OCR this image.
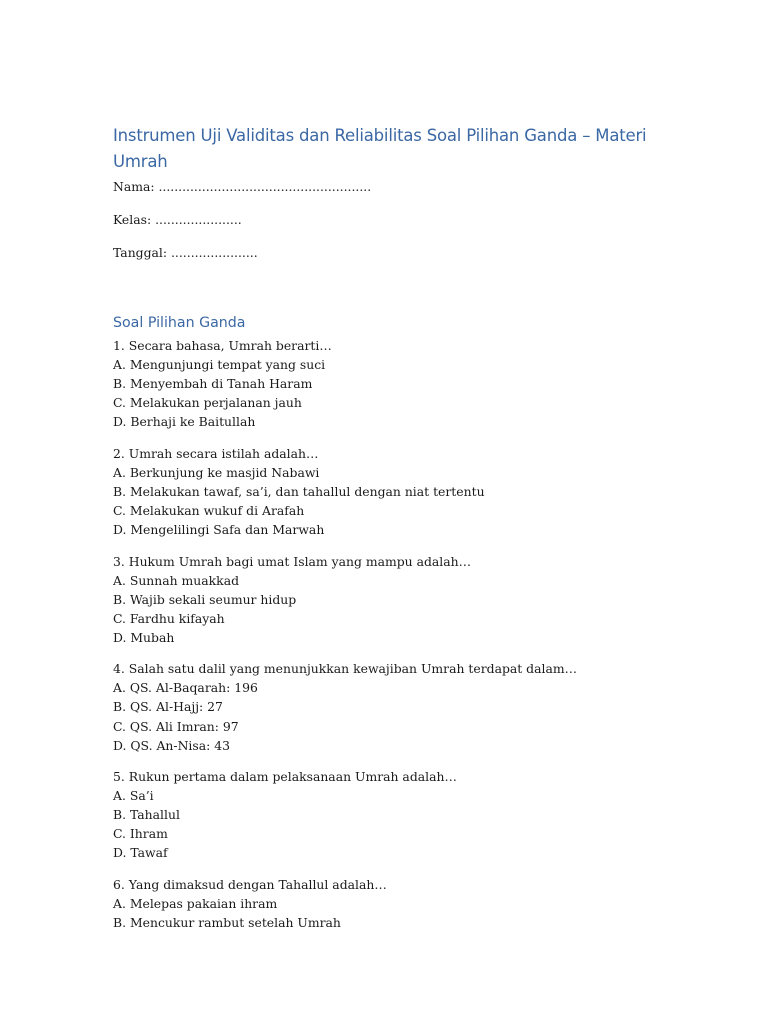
Instrumen Uji Validitas dan Reliabilitas Soal Pilihan Ganda – Materi Umrah

Nama: ......................................................

Kelas: ......................

Tanggal: ......................

Soal Pilihan Ganda

1. Secara bahasa, Umrah berarti…

A. Mengunjungi tempat yang suci

B. Menyembah di Tanah Haram

C. Melakukan perjalanan jauh

D. Berhaji ke Baitullah

2. Umrah secara istilah adalah…

A. Berkunjung ke masjid Nabawi

B. Melakukan tawaf, sa’i, dan tahallul dengan niat tertentu

C. Melakukan wukuf di Arafah

D. Mengelilingi Safa dan Marwah

3. Hukum Umrah bagi umat Islam yang mampu adalah…

A. Sunnah muakkad

B. Wajib sekali seumur hidup

C. Fardhu kifayah

D. Mubah

4. Salah satu dalil yang menunjukkan kewajiban Umrah terdapat dalam…

A. QS. Al-Baqarah: 196

B. QS. Al-Hajj: 27

C. QS. Ali Imran: 97

D. QS. An-Nisa: 43

5. Rukun pertama dalam pelaksanaan Umrah adalah…

A. Sa’i

B. Tahallul

C. Ihram

D. Tawaf

6. Yang dimaksud dengan Tahallul adalah…

A. Melepas pakaian ihram

B. Mencukur rambut setelah Umrah
